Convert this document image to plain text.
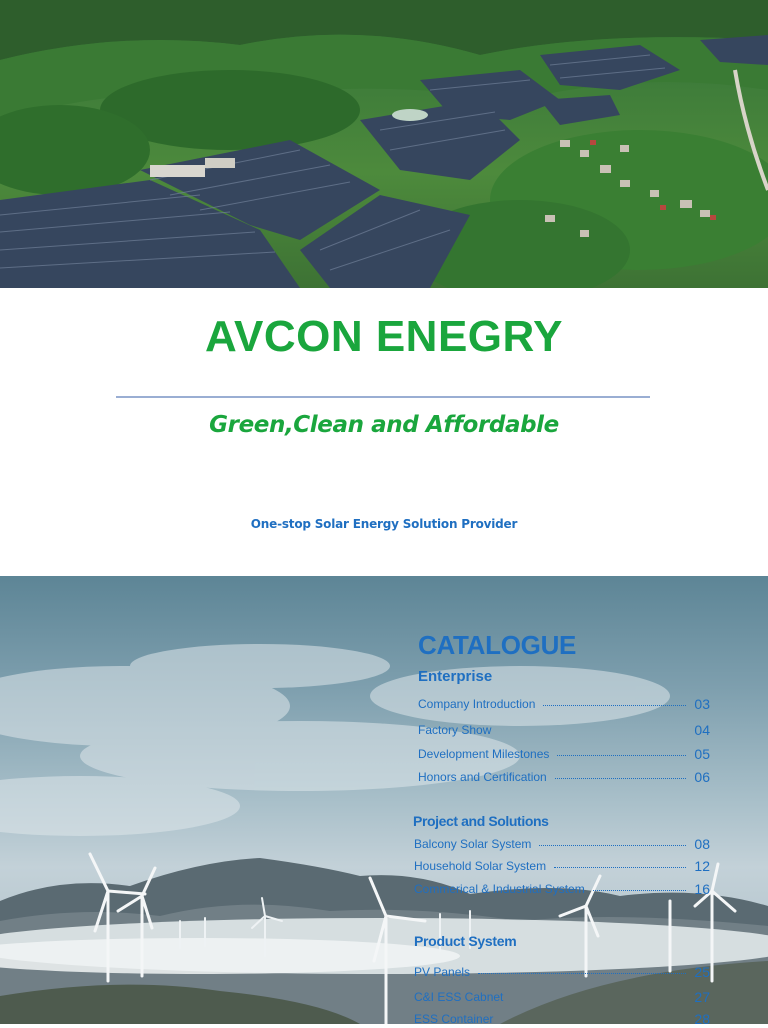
AVCON ENEGRY
Green,Clean and Affordable
One-stop Solar Energy Solution Provider
CATALOGUE
Enterprise
Company Introduction	03
Factory Show	04
Development Milestones	05
Honors and Certification	06
Project and Solutions
Balcony Solar System	08
Household Solar System	12
Commerical & Industrial System	16
Product System
PV Panels	25
C&I ESS Cabnet	27
ESS Container	28
